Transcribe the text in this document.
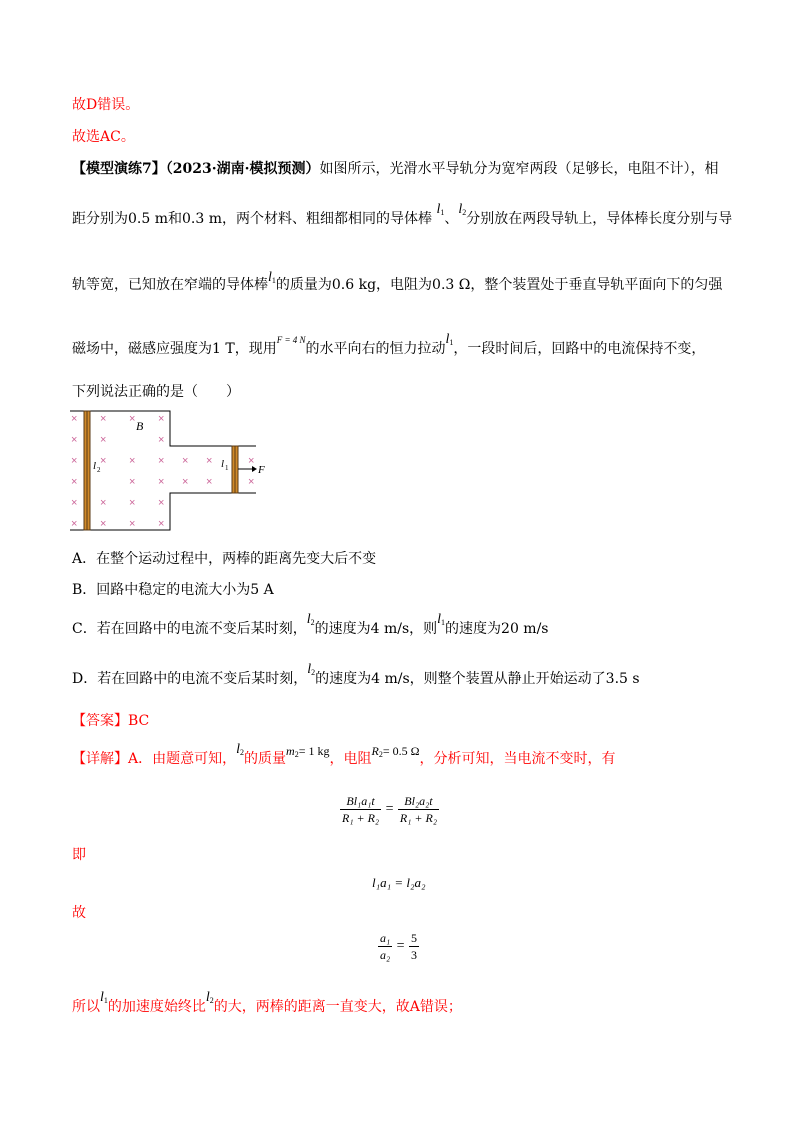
故D错误。
故选AC。
【模型演练7】（2023·湖南·模拟预测）如图所示，光滑水平导轨分为宽窄两段（足够长，电阻不计），相
距分别为0.5 m和0.3 m，两个材料、粗细都相同的导体棒 $l_1$、$l_2$分别放在两段导轨上，导体棒长度分别与导
轨等宽，已知放在窄端的导体棒$l_1$的质量为0.6 kg，电阻为0.3 Ω，整个装置处于垂直导轨平面向下的匀强
磁场中，磁感应强度为1 T，现用$^{F = 4 N}$的水平向右的恒力拉动$l_1$，一段时间后，回路中的电流保持不变，
下列说法正确的是（　　）
×
×
×
×
×
×
×
×
×
×
×
×
×
×
×
×
×
×
×
×
×
×
×
×
×
×
×
×
B
l 2	l 1	F
A．在整个运动过程中，两棒的距离先变大后不变
B．回路中稳定的电流大小为5 A
C．若在回路中的电流不变后某时刻，$l_2$的速度为4 m/s，则$l_1$的速度为20 m/s
D．若在回路中的电流不变后某时刻，$l_2$的速度为4 m/s，则整个装置从静止开始运动了3.5 s
【答案】BC
【详解】A．由题意可知，$l_2$的质量$m_2= 1$ kg，电阻$R_2= 0.5$ Ω，分析可知，当电流不变时，有
$\frac{\text{Bl₁a₁t}}{\text{R₁ + R₂}} = \frac{\text{Bl₂a₂t}}{\text{R₁ + R₂}}$
即
l₁a₁ = l₂a₂
故
$\frac{\text{a₁}}{\text{a₂}} = \frac{5}{3}$
所以$l_1$的加速度始终比$l_2$的大，两棒的距离一直变大，故A错误；
